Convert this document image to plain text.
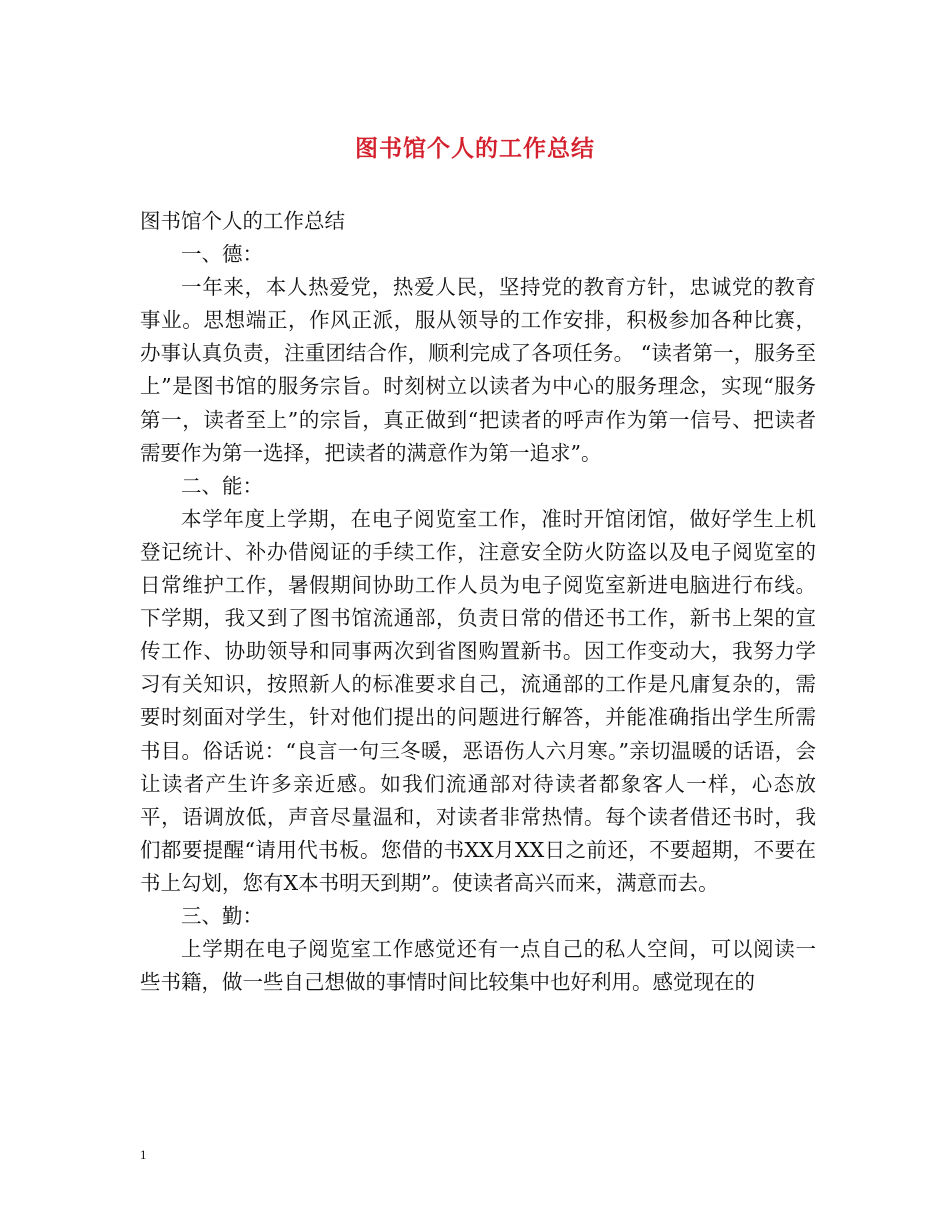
图书馆个人的工作总结

图书馆个人的工作总结

一、德：

一年来，本人热爱党，热爱人民，坚持党的教育方针，忠诚党的教育事业。思想端正，作风正派，服从领导的工作安排，积极参加各种比赛，办事认真负责，注重团结合作，顺利完成了各项任务。 “读者第一，服务至上”是图书馆的服务宗旨。时刻树立以读者为中心的服务理念，实现“服务第一，读者至上”的宗旨，真正做到“把读者的呼声作为第一信号、把读者需要作为第一选择，把读者的满意作为第一追求”。

二、能：

本学年度上学期，在电子阅览室工作，准时开馆闭馆，做好学生上机登记统计、补办借阅证的手续工作，注意安全防火防盗以及电子阅览室的日常维护工作，暑假期间协助工作人员为电子阅览室新进电脑进行布线。下学期，我又到了图书馆流通部，负责日常的借还书工作，新书上架的宣传工作、协助领导和同事两次到省图购置新书。因工作变动大，我努力学习有关知识，按照新人的标准要求自己，流通部的工作是凡庸复杂的，需要时刻面对学生，针对他们提出的问题进行解答，并能准确指出学生所需书目。俗话说：“良言一句三冬暖，恶语伤人六月寒。”亲切温暖的话语，会让读者产生许多亲近感。如我们流通部对待读者都象客人一样，心态放平，语调放低，声音尽量温和，对读者非常热情。每个读者借还书时，我们都要提醒“请用代书板。您借的书XX月XX日之前还，不要超期，不要在书上勾划，您有X本书明天到期”。使读者高兴而来，满意而去。

三、勤：

上学期在电子阅览室工作感觉还有一点自己的私人空间，可以阅读一些书籍，做一些自己想做的事情时间比较集中也好利用。感觉现在的

1
